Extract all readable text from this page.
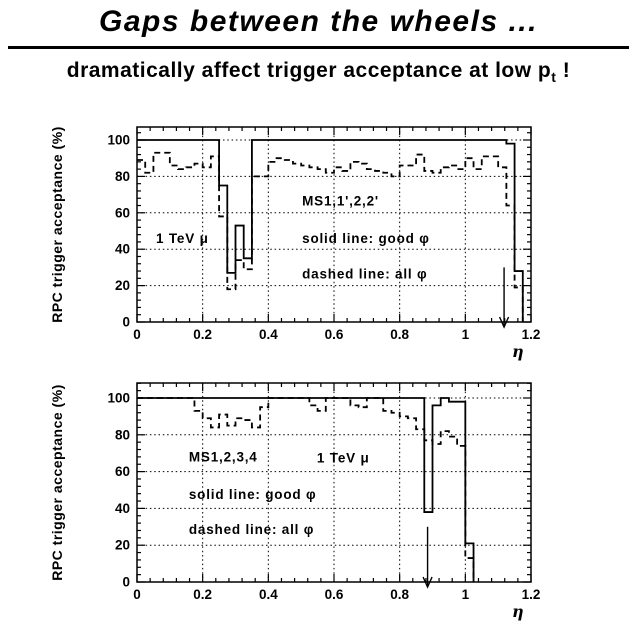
Gaps between the wheels ...
dramatically affect trigger acceptance at low $p_t$ !
0	0.2	0.4	0.6	0.8	1	1.2
0
20
40
60
80
100
RPC trigger acceptance (%)
η
1 TeV μ
MS1,1',2,2'
solid line: good φ
dashed line: all φ
0	0.2	0.4	0.6	0.8	1	1.2
0
20
40
60
80
100
RPC trigger acceptance (%)
η
MS1,2,3,4	1 TeV μ
solid line: good φ
dashed line: all φ
